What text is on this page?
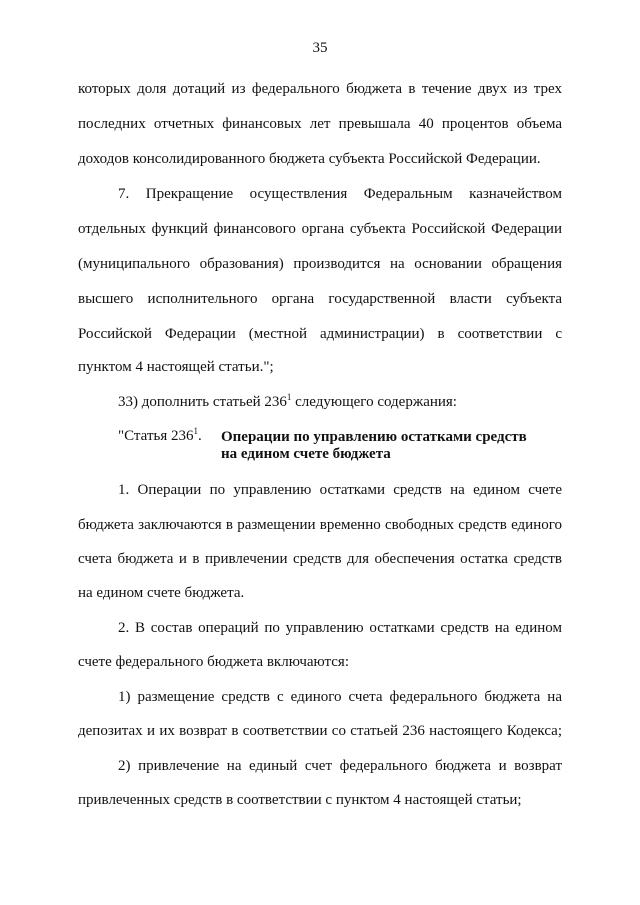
35
которых доля дотаций из федерального бюджета в течение двух из трех
последних отчетных финансовых лет превышала 40 процентов объема
доходов консолидированного бюджета субъекта Российской Федерации.
7. Прекращение осуществления Федеральным казначейством
отдельных функций финансового органа субъекта Российской Федерации
(муниципального образования) производится на основании обращения
высшего исполнительного органа государственной власти субъекта
Российской Федерации (местной администрации) в соответствии с
пунктом 4 настоящей статьи.";
33) дополнить статьей $236^1$ следующего содержания:
"Статья $236^1$. Операции по управлению остатками средств
на едином счете бюджета
1. Операции по управлению остатками средств на едином счете
бюджета заключаются в размещении временно свободных средств единого
счета бюджета и в привлечении средств для обеспечения остатка средств
на едином счете бюджета.
2. В состав операций по управлению остатками средств на едином
счете федерального бюджета включаются:
1) размещение средств с единого счета федерального бюджета на
депозитах и их возврат в соответствии со статьей 236 настоящего Кодекса;
2) привлечение на единый счет федерального бюджета и возврат
привлеченных средств в соответствии с пунктом 4 настоящей статьи;
